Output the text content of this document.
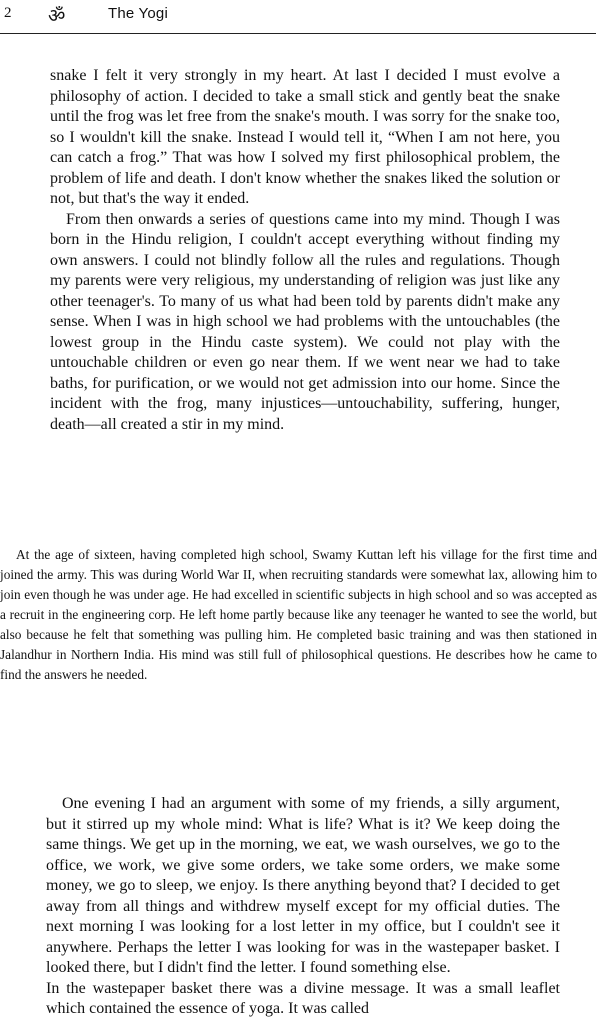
2 ॐ	The Yogi

snake I felt it very strongly in my heart. At last I decided I must evolve a philosophy of action. I decided to take a small stick and gently beat the snake until the frog was let free from the snake's mouth. I was sorry for the snake too, so I wouldn't kill the snake. Instead I would tell it, “When I am not here, you can catch a frog.” That was how I solved my first philosophical problem, the problem of life and death. I don't know whether the snakes liked the solution or not, but that's the way it ended.

From then onwards a series of questions came into my mind. Though I was born in the Hindu religion, I couldn't accept everything without finding my own answers. I could not blindly follow all the rules and regulations. Though my parents were very religious, my understanding of religion was just like any other teenager's. To many of us what had been told by parents didn't make any sense. When I was in high school we had problems with the untouchables (the lowest group in the Hindu caste system). We could not play with the untouchable children or even go near them. If we went near we had to take baths, for purification, or we would not get admission into our home. Since the incident with the frog, many injustices—untouchability, suffering, hunger, death—all created a stir in my mind.

At the age of sixteen, having completed high school, Swamy Kuttan left his village for the first time and joined the army. This was during World War II, when recruiting standards were somewhat lax, allowing him to join even though he was under age. He had excelled in scientific subjects in high school and so was accepted as a recruit in the engineering corp. He left home partly because like any teenager he wanted to see the world, but also because he felt that something was pulling him. He completed basic training and was then stationed in Jalandhur in Northern India. His mind was still full of philosophical questions. He describes how he came to find the answers he needed.

One evening I had an argument with some of my friends, a silly argument, but it stirred up my whole mind: What is life? What is it? We keep doing the same things. We get up in the morning, we eat, we wash ourselves, we go to the office, we work, we give some orders, we take some orders, we make some money, we go to sleep, we enjoy. Is there anything beyond that? I decided to get away from all things and withdrew myself except for my official duties. The next morning I was looking for a lost letter in my office, but I couldn't see it anywhere. Perhaps the letter I was looking for was in the wastepaper basket. I looked there, but I didn't find the letter. I found something else.

In the wastepaper basket there was a divine message. It was a small leaflet which contained the essence of yoga. It was called
